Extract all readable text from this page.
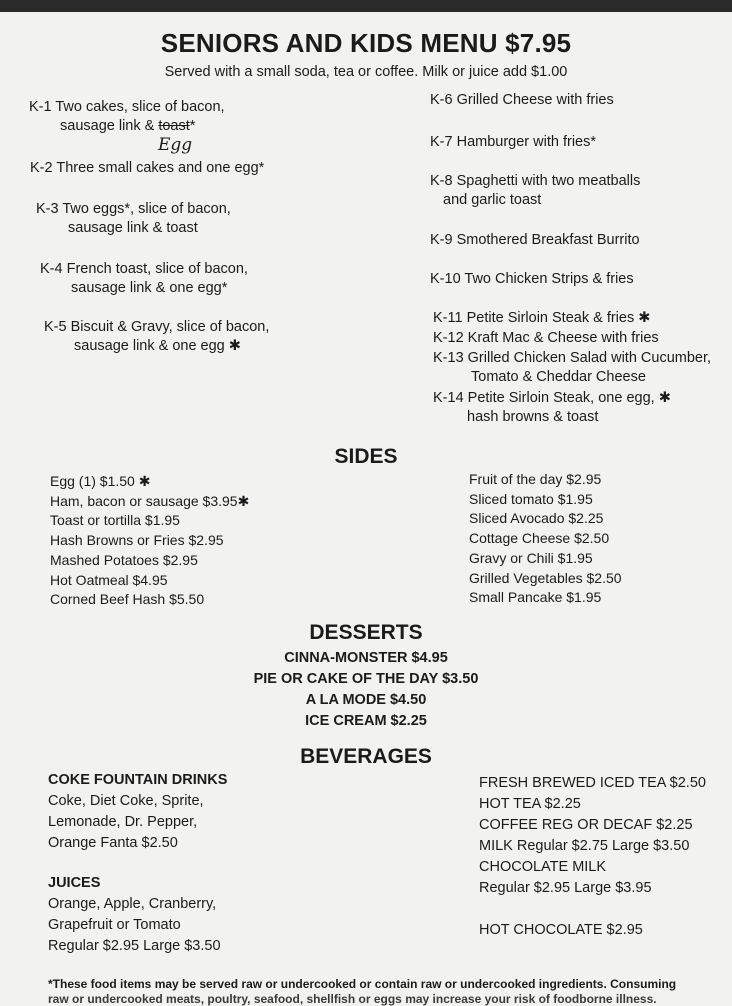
SENIORS AND KIDS MENU $7.95
Served with a small soda, tea or coffee. Milk or juice add $1.00
K-1 Two cakes, slice of bacon,
sausage link & toast*
Egg
K-2 Three small cakes and one egg*
K-3 Two eggs*, slice of bacon,
sausage link & toast
K-4 French toast, slice of bacon,
sausage link & one egg*
K-5 Biscuit & Gravy, slice of bacon,
sausage link & one egg ✱
K-6 Grilled Cheese with fries
K-7 Hamburger with fries*
K-8 Spaghetti with two meatballs
and garlic toast
K-9 Smothered Breakfast Burrito
K-10 Two Chicken Strips & fries
K-11 Petite Sirloin Steak & fries ✱
K-12 Kraft Mac & Cheese with fries
K-13 Grilled Chicken Salad with Cucumber,
Tomato & Cheddar Cheese
K-14 Petite Sirloin Steak, one egg, ✱
hash browns & toast
SIDES
Egg (1) $1.50 ✱
Ham, bacon or sausage $3.95✱
Toast or tortilla $1.95
Hash Browns or Fries $2.95
Mashed Potatoes $2.95
Hot Oatmeal $4.95
Corned Beef Hash $5.50
Fruit of the day $2.95
Sliced tomato $1.95
Sliced Avocado $2.25
Cottage Cheese $2.50
Gravy or Chili $1.95
Grilled Vegetables $2.50
Small Pancake $1.95
DESSERTS
CINNA-MONSTER $4.95
PIE OR CAKE OF THE DAY $3.50
A LA MODE $4.50
ICE CREAM $2.25
BEVERAGES
COKE FOUNTAIN DRINKS
Coke, Diet Coke, Sprite,
Lemonade, Dr. Pepper,
Orange Fanta $2.50
JUICES
Orange, Apple, Cranberry,
Grapefruit or Tomato
Regular $2.95 Large $3.50
FRESH BREWED ICED TEA $2.50
HOT TEA $2.25
COFFEE REG OR DECAF $2.25
MILK Regular $2.75 Large $3.50
CHOCOLATE MILK
Regular $2.95 Large $3.95
HOT CHOCOLATE $2.95
*These food items may be served raw or undercooked or contain raw or undercooked ingredients. Consuming
raw or undercooked meats, poultry, seafood, shellfish or eggs may increase your risk of foodborne illness.
